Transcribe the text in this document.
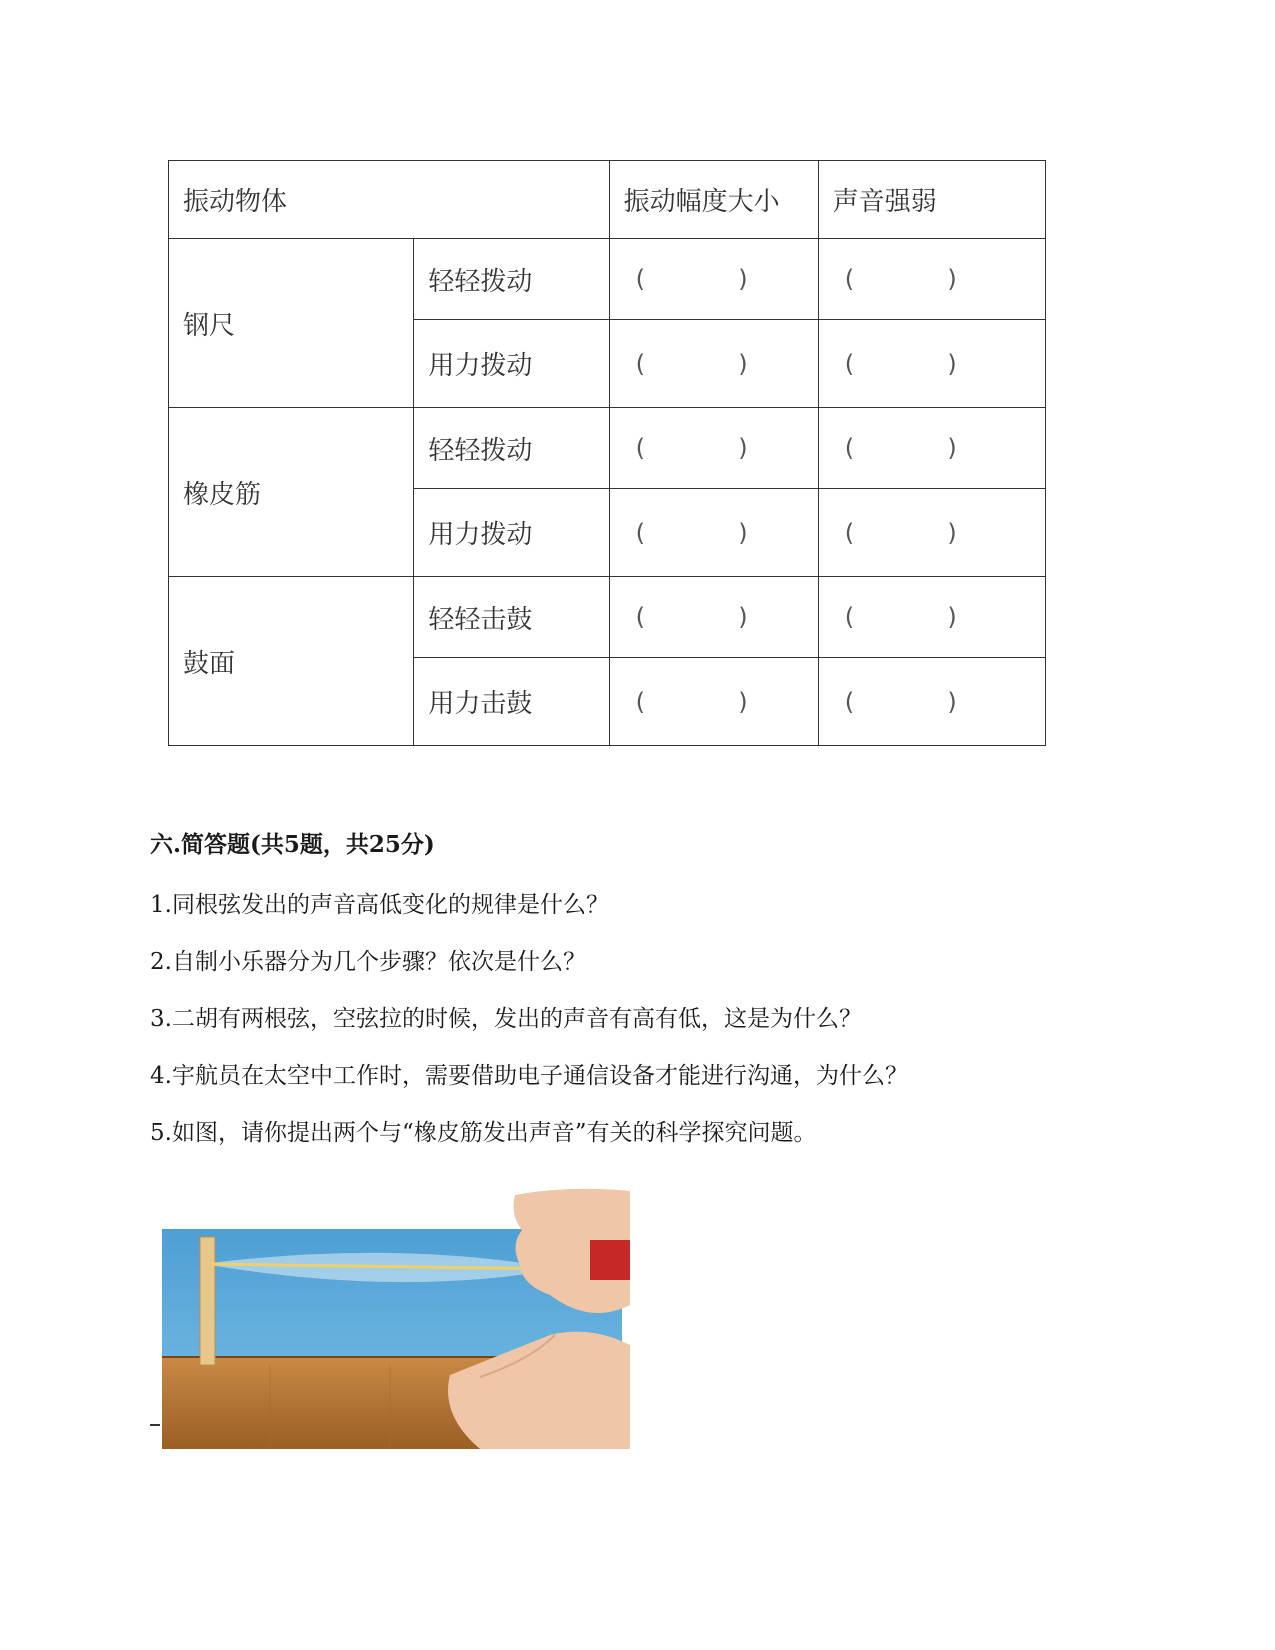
振动物体		振动幅度大小	声音强弱
钢尺	轻轻拨动	( )	( )

	用力拨动	( )	( )

橡皮筋	轻轻拨动	( )	( )

	用力拨动	( )	( )

鼓面	轻轻击鼓	( )	( )

	用力击鼓	( )	( )
六.简答题(共5题，共25分)
1.同根弦发出的声音高低变化的规律是什么？
2.自制小乐器分为几个步骤？依次是什么？
3.二胡有两根弦，空弦拉的时候，发出的声音有高有低，这是为什么？
4.宇航员在太空中工作时，需要借助电子通信设备才能进行沟通，为什么？
5.如图，请你提出两个与“橡皮筋发出声音”有关的科学探究问题。
